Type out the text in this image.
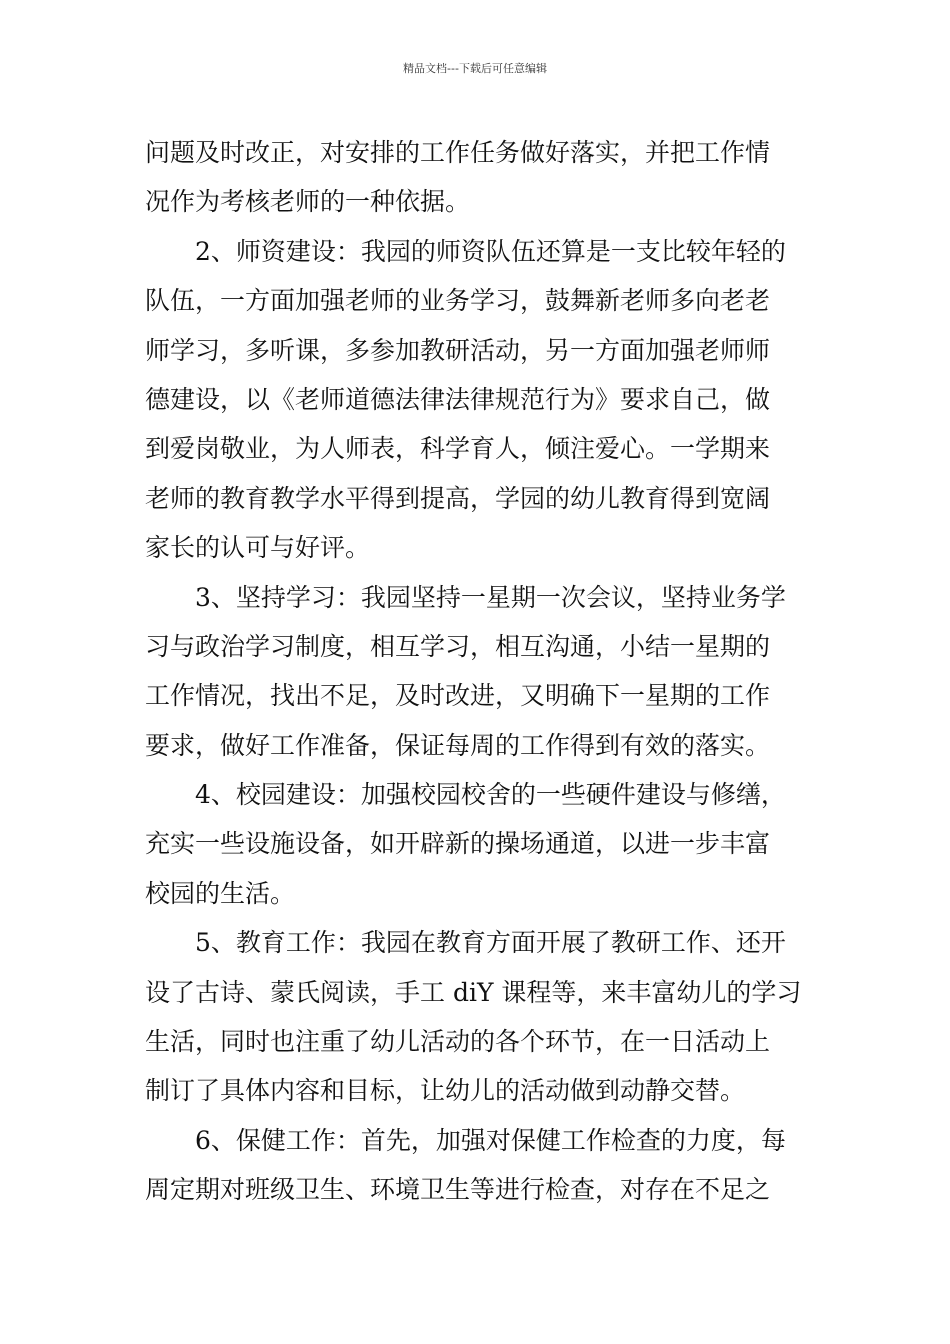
精品文档---下载后可任意编辑
问题及时改正，对安排的工作任务做好落实，并把工作情
况作为考核老师的一种依据。
2、师资建设：我园的师资队伍还算是一支比较年轻的
队伍，一方面加强老师的业务学习，鼓舞新老师多向老老
师学习，多听课，多参加教研活动，另一方面加强老师师
德建设，以《老师道德法律法律规范行为》要求自己，做
到爱岗敬业，为人师表，科学育人，倾注爱心。一学期来
老师的教育教学水平得到提高，学园的幼儿教育得到宽阔
家长的认可与好评。
3、坚持学习：我园坚持一星期一次会议，坚持业务学
习与政治学习制度，相互学习，相互沟通，小结一星期的
工作情况，找出不足，及时改进，又明确下一星期的工作
要求，做好工作准备，保证每周的工作得到有效的落实。
4、校园建设：加强校园校舍的一些硬件建设与修缮，
充实一些设施设备，如开辟新的操场通道，以进一步丰富
校园的生活。
5、教育工作：我园在教育方面开展了教研工作、还开
设了古诗、蒙氏阅读，手工 diY 课程等，来丰富幼儿的学习
生活，同时也注重了幼儿活动的各个环节，在一日活动上
制订了具体内容和目标，让幼儿的活动做到动静交替。
6、保健工作：首先，加强对保健工作检查的力度，每
周定期对班级卫生、环境卫生等进行检查，对存在不足之
